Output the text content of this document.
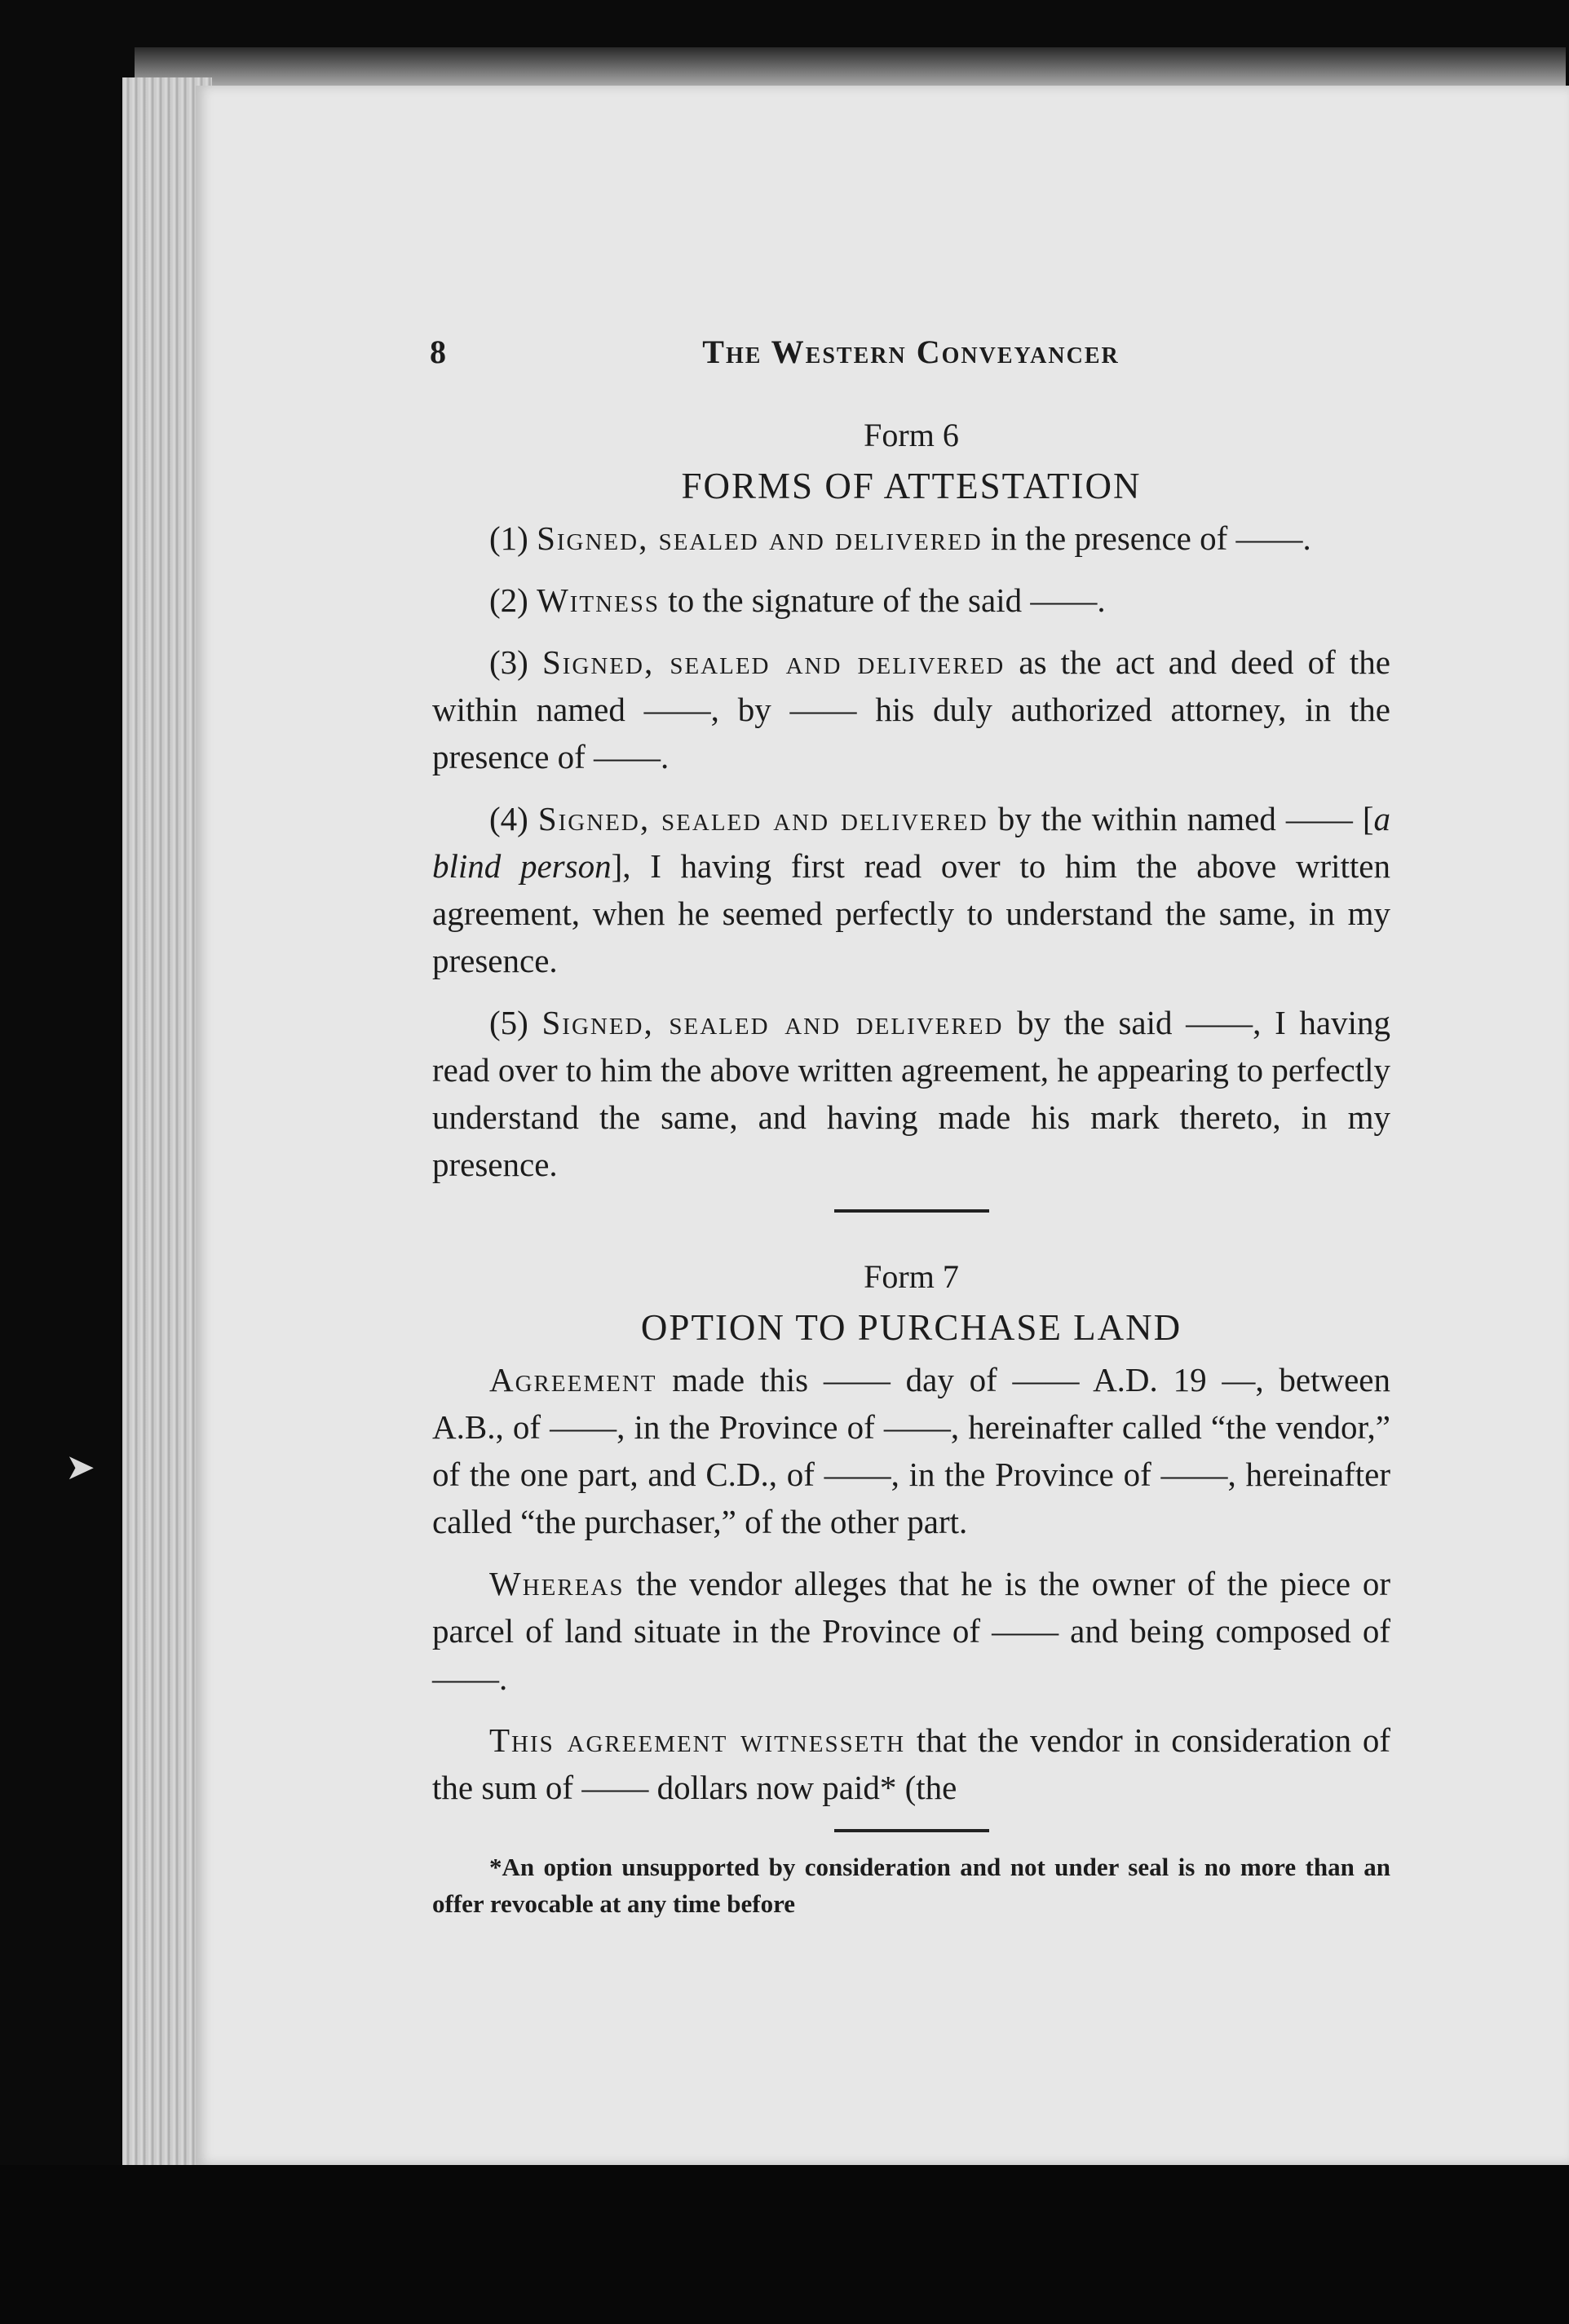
➤
8	The Western Conveyancer
Form 6
FORMS OF ATTESTATION

(1) Signed, sealed and delivered in the presence of ——.

(2) Witness to the signature of the said ——.

(3) Signed, sealed and delivered as the act and deed of the within named ——, by —— his duly authorized attorney, in the presence of ——.

(4) Signed, sealed and delivered by the within named —— [a blind person], I having first read over to him the above written agreement, when he seemed perfectly to understand the same, in my presence.

(5) Signed, sealed and delivered by the said ——, I having read over to him the above written agreement, he appearing to perfectly understand the same, and having made his mark thereto, in my presence.

Form 7
OPTION TO PURCHASE LAND

Agreement made this —— day of —— A.D. 19 —, between A.B., of ——, in the Province of ——, hereinafter called “the vendor,” of the one part, and C.D., of ——, in the Province of ——, hereinafter called “the purchaser,” of the other part.

Whereas the vendor alleges that he is the owner of the piece or parcel of land situate in the Province of —— and being composed of ——.

This agreement witnesseth that the vendor in consideration of the sum of —— dollars now paid* (the

*An option unsupported by consideration and not under seal is no more than an offer revocable at any time before
